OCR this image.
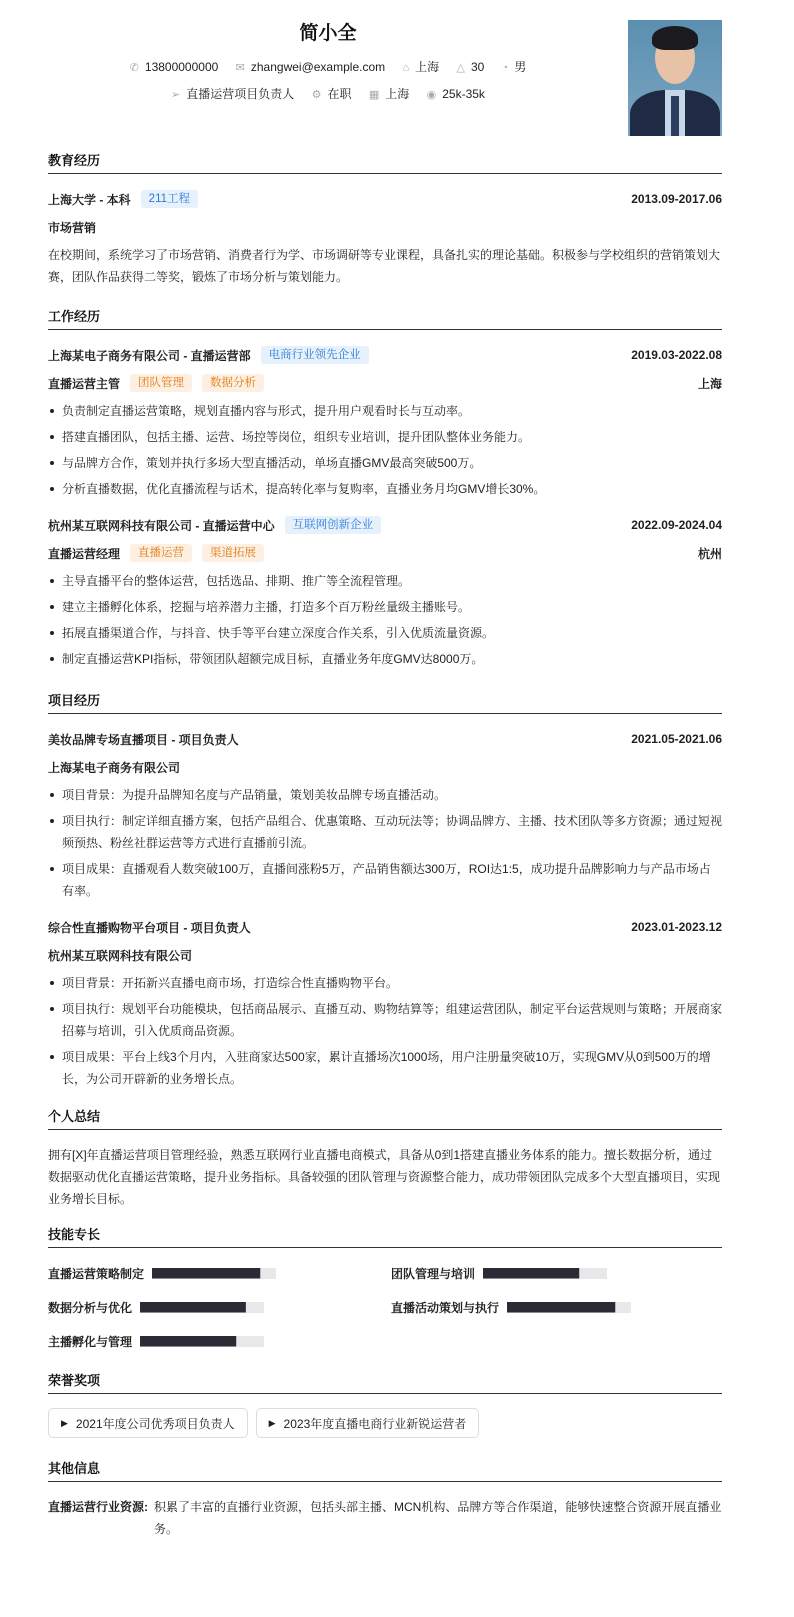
简小全
✆ 13800000000 ✉ zhangwei@example.com ⌂ 上海 △ 30 ◔ 男
➢ 直播运营项目负责人 ⚙ 在职 ▦ 上海 ◉ 25k-35k
教育经历
上海大学 - 本科	211工程	2013.09-2017.06
市场营销

在校期间，系统学习了市场营销、消费者行为学、市场调研等专业课程，具备扎实的理论基础。积极参与学校组织的营销策划大赛，团队作品获得二等奖，锻炼了市场分析与策划能力。

工作经历
上海某电子商务有限公司 - 直播运营部	电商行业领先企业	2019.03-2022.08
直播运营主管	团队管理	数据分析	上海
负责制定直播运营策略，规划直播内容与形式，提升用户观看时长与互动率。
搭建直播团队，包括主播、运营、场控等岗位，组织专业培训，提升团队整体业务能力。
与品牌方合作，策划并执行多场大型直播活动，单场直播GMV最高突破500万。
分析直播数据，优化直播流程与话术，提高转化率与复购率，直播业务月均GMV增长30%。
杭州某互联网科技有限公司 - 直播运营中心	互联网创新企业	2022.09-2024.04
直播运营经理	直播运营	渠道拓展	杭州
主导直播平台的整体运营，包括选品、排期、推广等全流程管理。
建立主播孵化体系，挖掘与培养潜力主播，打造多个百万粉丝量级主播账号。
拓展直播渠道合作，与抖音、快手等平台建立深度合作关系，引入优质流量资源。
制定直播运营KPI指标，带领团队超额完成目标，直播业务年度GMV达8000万。
项目经历
美妆品牌专场直播项目 - 项目负责人	2021.05-2021.06
上海某电子商务有限公司
项目背景：为提升品牌知名度与产品销量，策划美妆品牌专场直播活动。
项目执行：制定详细直播方案，包括产品组合、优惠策略、互动玩法等；协调品牌方、主播、技术团队等多方资源；通过短视频预热、粉丝社群运营等方式进行直播前引流。
项目成果：直播观看人数突破100万，直播间涨粉5万，产品销售额达300万，ROI达1:5，成功提升品牌影响力与产品市场占有率。
综合性直播购物平台项目 - 项目负责人	2023.01-2023.12
杭州某互联网科技有限公司
项目背景：开拓新兴直播电商市场，打造综合性直播购物平台。
项目执行：规划平台功能模块，包括商品展示、直播互动、购物结算等；组建运营团队，制定平台运营规则与策略；开展商家招募与培训，引入优质商品资源。
项目成果：平台上线3个月内，入驻商家达500家，累计直播场次1000场，用户注册量突破10万，实现GMV从0到500万的增长，为公司开辟新的业务增长点。
个人总结

拥有[X]年直播运营项目管理经验，熟悉互联网行业直播电商模式，具备从0到1搭建直播业务体系的能力。擅长数据分析，通过数据驱动优化直播运营策略，提升业务指标。具备较强的团队管理与资源整合能力，成功带领团队完成多个大型直播项目，实现业务增长目标。

技能专长
直播运营策略制定	团队管理与培训
数据分析与优化	直播活动策划与执行
主播孵化与管理
荣誉奖项
▶ 2021年度公司优秀项目负责人	▶ 2023年度直播电商行业新锐运营者
其他信息
直播运营行业资源: 积累了丰富的直播行业资源，包括头部主播、MCN机构、品牌方等合作渠道，能够快速整合资源开展直播业务。
